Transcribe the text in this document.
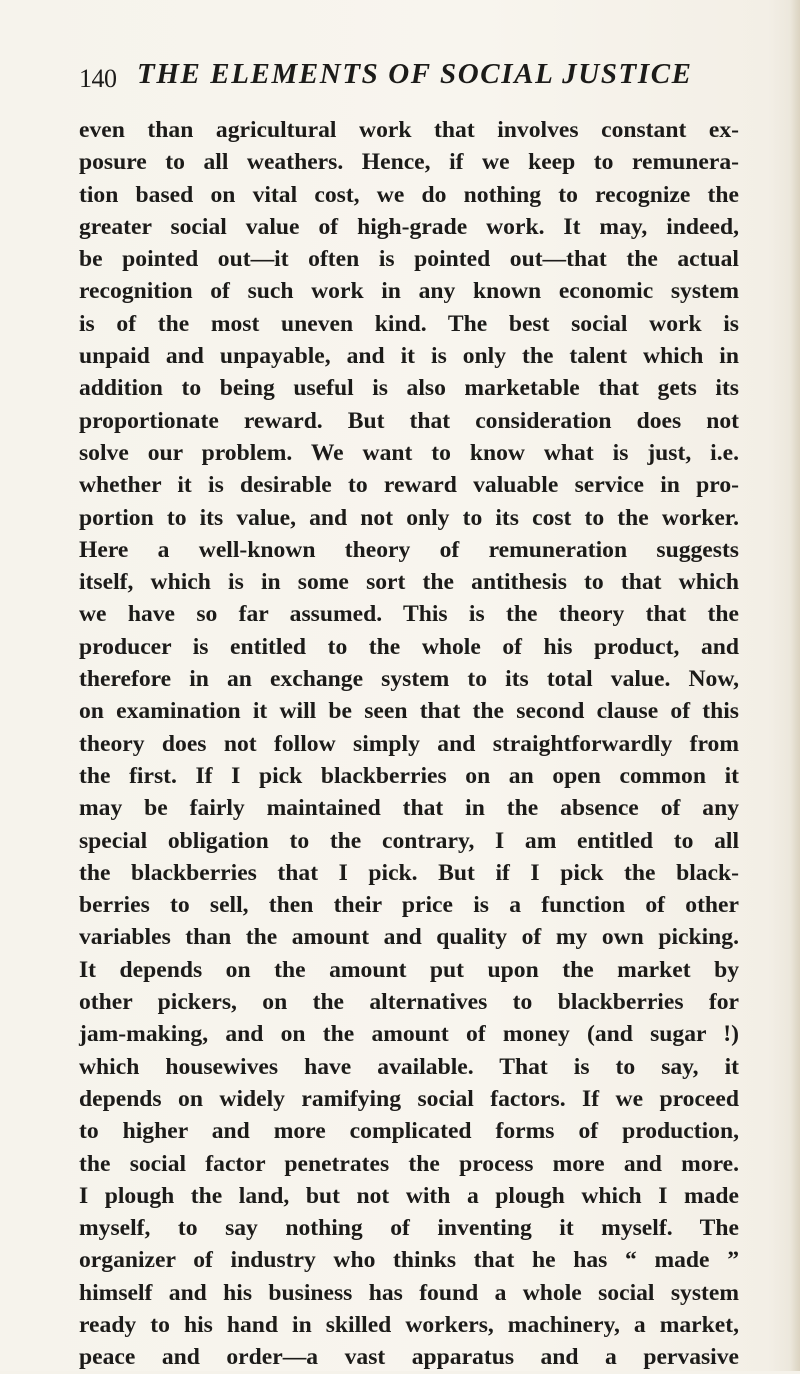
140 THE ELEMENTS OF SOCIAL JUSTICE
even than agricultural work that involves constant ex-
posure to all weathers. Hence, if we keep to remunera-
tion based on vital cost, we do nothing to recognize the
greater social value of high-grade work. It may, indeed,
be pointed out—it often is pointed out—that the actual
recognition of such work in any known economic system
is of the most uneven kind. The best social work is
unpaid and unpayable, and it is only the talent which in
addition to being useful is also marketable that gets its
proportionate reward. But that consideration does not
solve our problem. We want to know what is just, i.e.
whether it is desirable to reward valuable service in pro-
portion to its value, and not only to its cost to the worker.
Here a well-known theory of remuneration suggests
itself, which is in some sort the antithesis to that which
we have so far assumed. This is the theory that the
producer is entitled to the whole of his product, and
therefore in an exchange system to its total value. Now,
on examination it will be seen that the second clause of this
theory does not follow simply and straightforwardly from
the first. If I pick blackberries on an open common it
may be fairly maintained that in the absence of any
special obligation to the contrary, I am entitled to all
the blackberries that I pick. But if I pick the black-
berries to sell, then their price is a function of other
variables than the amount and quality of my own picking.
It depends on the amount put upon the market by
other pickers, on the alternatives to blackberries for
jam-making, and on the amount of money (and sugar !)
which housewives have available. That is to say, it
depends on widely ramifying social factors. If we proceed
to higher and more complicated forms of production,
the social factor penetrates the process more and more.
I plough the land, but not with a plough which I made
myself, to say nothing of inventing it myself. The
organizer of industry who thinks that he has “ made ”
himself and his business has found a whole social system
ready to his hand in skilled workers, machinery, a market,
peace and order—a vast apparatus and a pervasive
